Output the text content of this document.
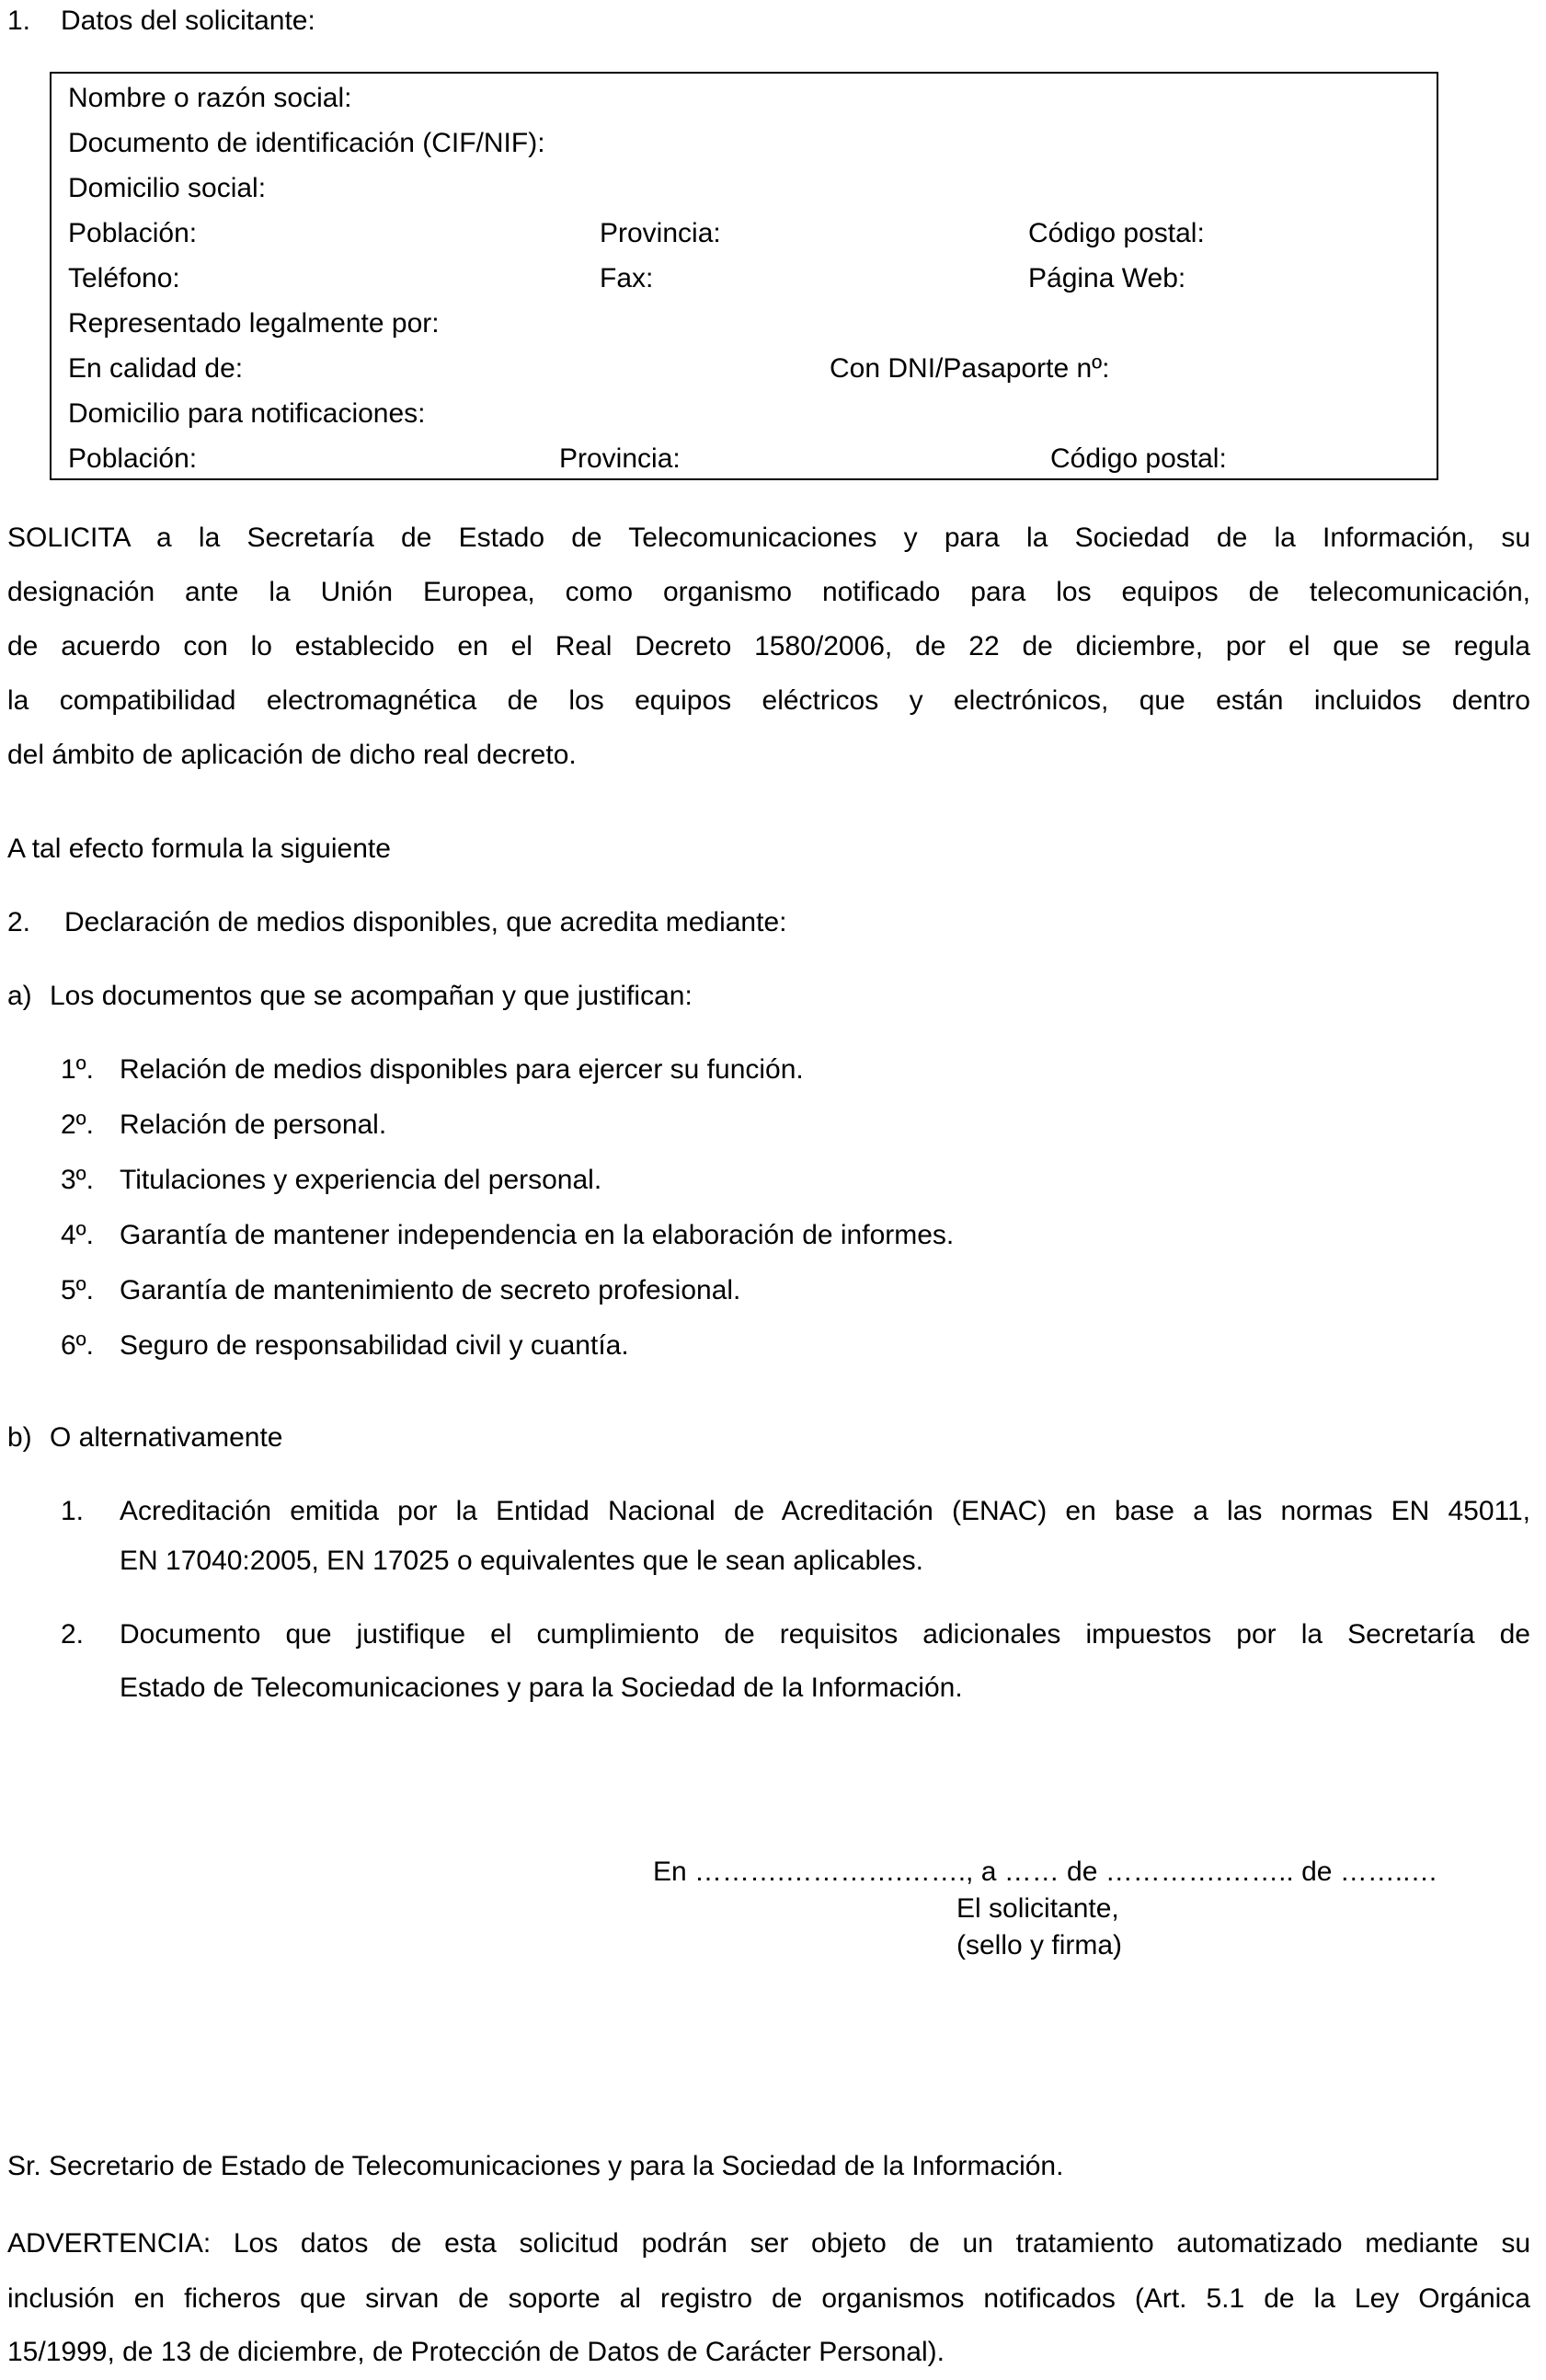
1. Datos del solicitante:
Nombre o razón social:
Documento de identificación (CIF/NIF):
Domicilio social:
Población:	Provincia:	Código postal:
Teléfono:	Fax:	Página Web:
Representado legalmente por:
En calidad de:	Con DNI/Pasaporte nº:
Domicilio para notificaciones:
Población:	Provincia:	Código postal:
SOLICITA a la Secretaría de Estado de Telecomunicaciones y para la Sociedad de la Información, su
designación ante la Unión Europea, como organismo notificado para los equipos de telecomunicación,
de acuerdo con lo establecido en el Real Decreto 1580/2006, de 22 de diciembre, por el que se regula
la compatibilidad electromagnética de los equipos eléctricos y electrónicos, que están incluidos dentro
del ámbito de aplicación de dicho real decreto.
A tal efecto formula la siguiente
2. Declaración de medios disponibles, que acredita mediante:
a) Los documentos que se acompañan y que justifican:
1º. Relación de medios disponibles para ejercer su función.
2º. Relación de personal.
3º. Titulaciones y experiencia del personal.
4º. Garantía de mantener independencia en la elaboración de informes.
5º. Garantía de mantenimiento de secreto profesional.
6º. Seguro de responsabilidad civil y cuantía.
b) O alternativamente
1. Acreditación emitida por la Entidad Nacional de Acreditación (ENAC) en base a las normas EN 45011,
EN 17040:2005, EN 17025 o equivalentes que le sean aplicables.
2. Documento que justifique el cumplimiento de requisitos adicionales impuestos por la Secretaría de
Estado de Telecomunicaciones y para la Sociedad de la Información.
En ……….………….……., a …… de ………….…….. de ……..…
El solicitante,
(sello y firma)
Sr. Secretario de Estado de Telecomunicaciones y para la Sociedad de la Información.
ADVERTENCIA: Los datos de esta solicitud podrán ser objeto de un tratamiento automatizado mediante su
inclusión en ficheros que sirvan de soporte al registro de organismos notificados (Art. 5.1 de la Ley Orgánica
15/1999, de 13 de diciembre, de Protección de Datos de Carácter Personal).
